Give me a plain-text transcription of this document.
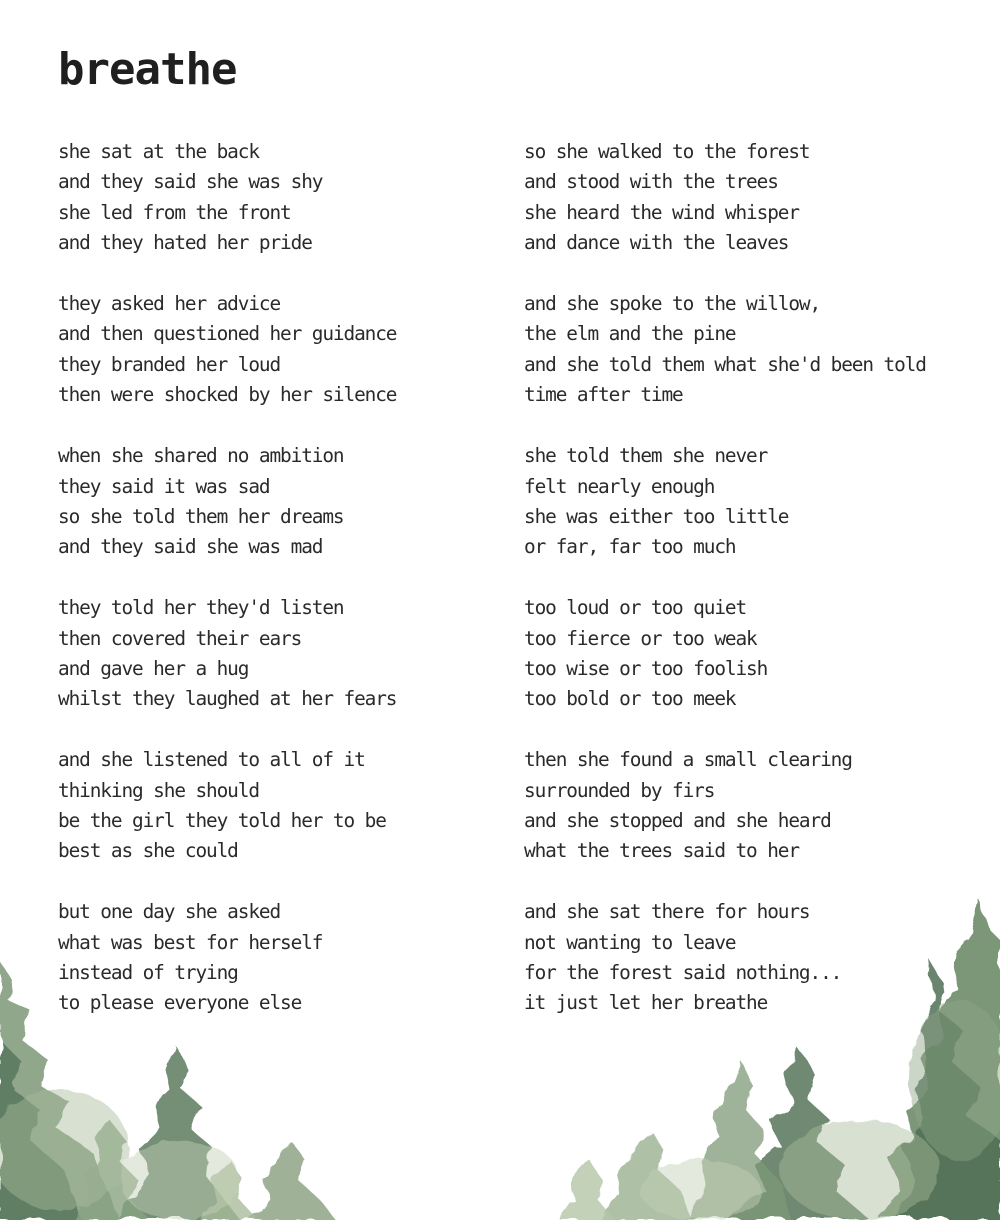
breathe
she sat at the back
and they said she was shy
she led from the front
and they hated her pride
they asked her advice
and then questioned her guidance
they branded her loud
then were shocked by her silence
when she shared no ambition
they said it was sad
so she told them her dreams
and they said she was mad
they told her they'd listen
then covered their ears
and gave her a hug
whilst they laughed at her fears
and she listened to all of it
thinking she should
be the girl they told her to be
best as she could
but one day she asked
what was best for herself
instead of trying
to please everyone else
so she walked to the forest
and stood with the trees
she heard the wind whisper
and dance with the leaves
and she spoke to the willow,
the elm and the pine
and she told them what she'd been told
time after time
she told them she never
felt nearly enough
she was either too little
or far, far too much
too loud or too quiet
too fierce or too weak
too wise or too foolish
too bold or too meek
then she found a small clearing
surrounded by firs
and she stopped and she heard
what the trees said to her
and she sat there for hours
not wanting to leave
for the forest said nothing...
it just let her breathe
